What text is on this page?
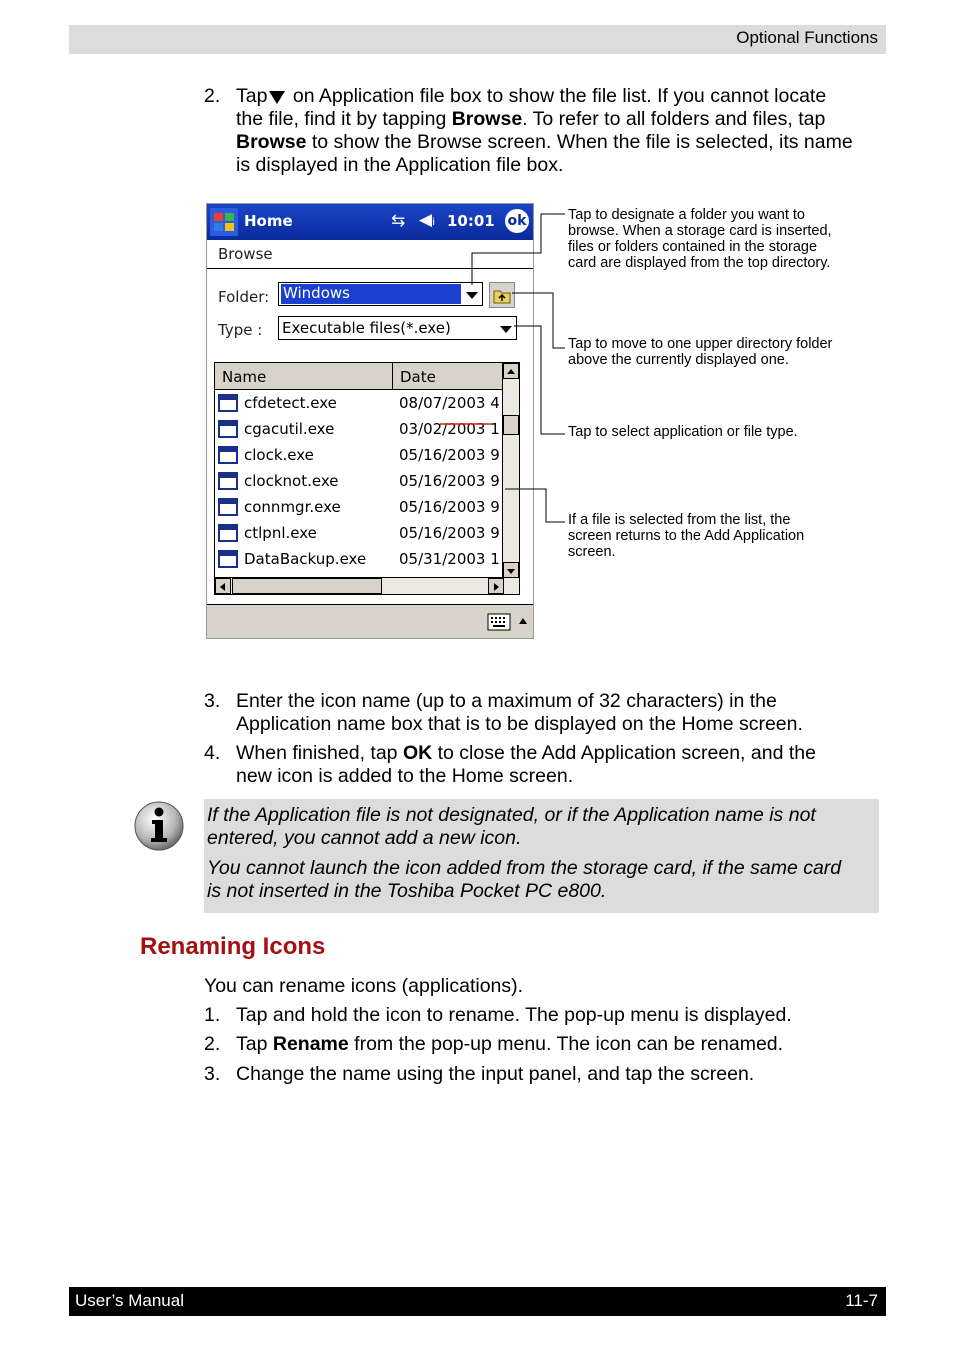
Optional Functions
2. Tap on Application file box to show the file list. If you cannot locate
the file, find it by tapping Browse. To refer to all folders and files, tap
Browse to show the Browse screen. When the file is selected, its name
is displayed in the Application file box.
Home	⇆ ◀ᵢ 10:01 ok
Browse
Folder: Windows
Type : Executable files(*.exe)
Name	Date
cfdetect.exe	08/07/2003 4
cgacutil.exe	03/02/2003 1
clock.exe	05/16/2003 9
clocknot.exe	05/16/2003 9
connmgr.exe	05/16/2003 9
ctlpnl.exe	05/16/2003 9
DataBackup.exe 05/31/2003 1
Tap to designate a folder you want to
browse. When a storage card is inserted,
files or folders contained in the storage
card are displayed from the top directory.
Tap to move to one upper directory folder
above the currently displayed one.
Tap to select application or file type.
If a file is selected from the list, the
screen returns to the Add Application
screen.
3. Enter the icon name (up to a maximum of 32 characters) in the
Application name box that is to be displayed on the Home screen.
4. When finished, tap OK to close the Add Application screen, and the
new icon is added to the Home screen.

If the Application file is not designated, or if the Application name is not
entered, you cannot add a new icon.

You cannot launch the icon added from the storage card, if the same card
is not inserted in the Toshiba Pocket PC e800.

Renaming Icons
You can rename icons (applications).
1. Tap and hold the icon to rename. The pop-up menu is displayed.
2. Tap Rename from the pop-up menu. The icon can be renamed.
3. Change the name using the input panel, and tap the screen.
User’s Manual	11-7
